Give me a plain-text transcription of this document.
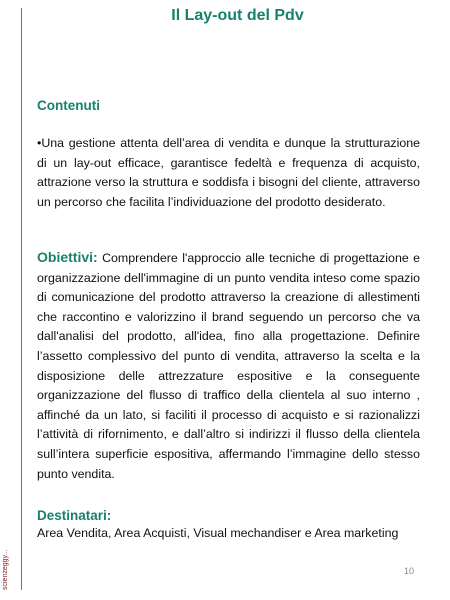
scienzeggy...
Il Lay-out del Pdv
Contenuti

•Una gestione attenta dell’area di vendita e dunque la strutturazione di un lay-out efficace, garantisce fedeltà e frequenza di acquisto, attrazione verso la struttura e soddisfa i bisogni del cliente, attraverso un percorso che facilita l’individuazione del prodotto desiderato.

Obiettivi: Comprendere l'approccio alle tecniche di progettazione e organizzazione dell'immagine di un punto vendita inteso come spazio di comunicazione del prodotto attraverso la creazione di allestimenti che raccontino e valorizzino il brand seguendo un percorso che va dall'analisi del prodotto, all'idea, fino alla progettazione. Definire l’assetto complessivo del punto di vendita, attraverso la scelta e la disposizione delle attrezzature espositive e la conseguente organizzazione del flusso di traffico della clientela al suo interno , affinché da un lato, si faciliti il processo di acquisto e si razionalizzi l’attività di rifornimento, e dall’altro si indirizzi il flusso della clientela sull’intera superficie espositiva, affermando l’immagine dello stesso punto vendita.

Destinatari:

Area Vendita, Area Acquisti, Visual mechandiser e Area marketing

10
